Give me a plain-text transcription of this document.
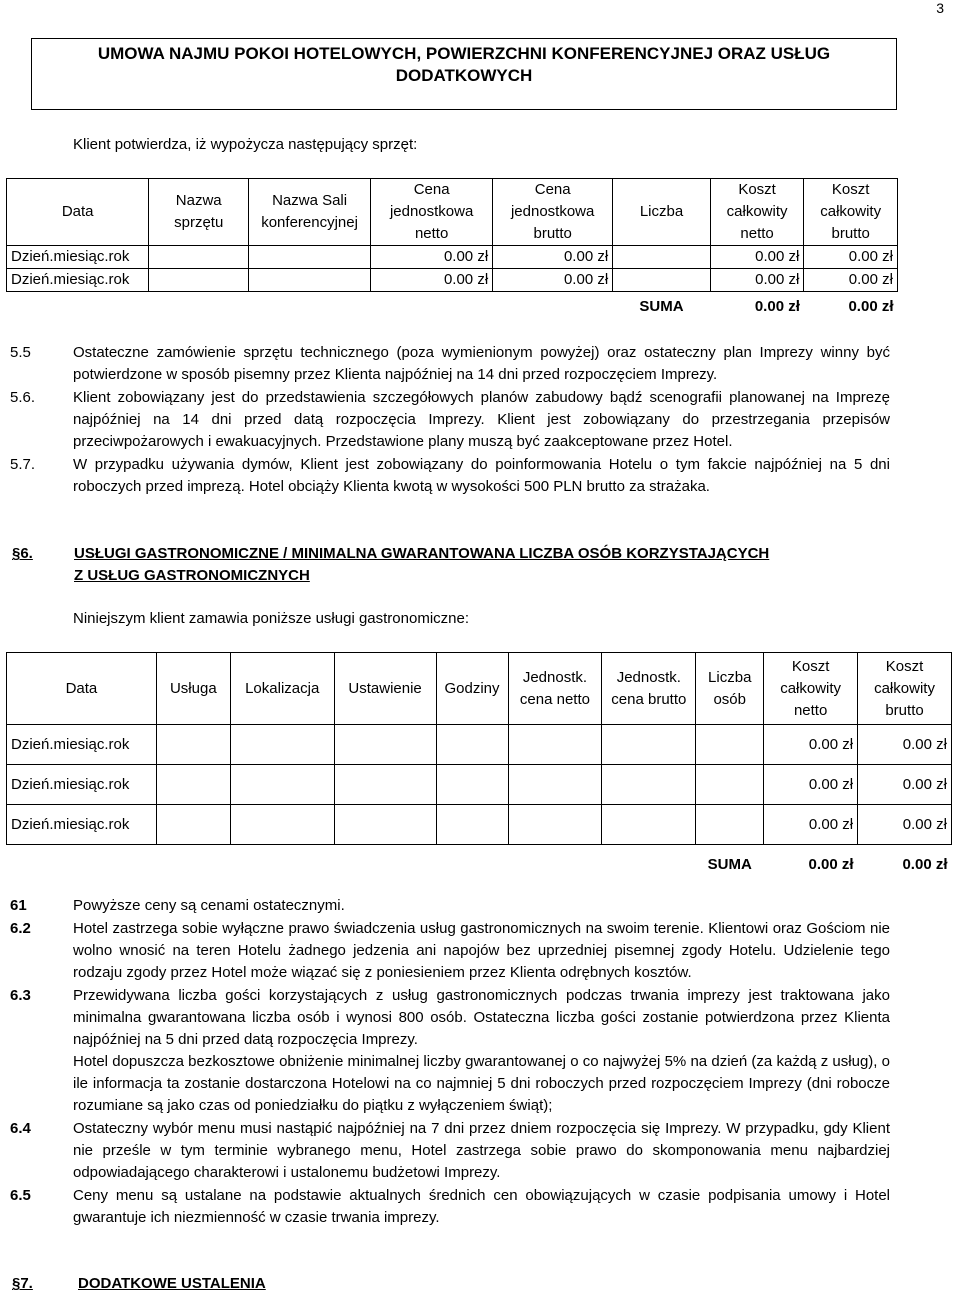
3
UMOWA NAJMU POKOI HOTELOWYCH, POWIERZCHNI KONFERENCYJNEJ ORAZ USŁUG DODATKOWYCH
Klient potwierdza, iż wypożycza następujący sprzęt:
Data	Nazwa sprzętu	Nazwa Sali konferencyjnej	Cena jednostkowa netto	Cena jednostkowa brutto	Liczba	Koszt całkowity netto	Koszt całkowity brutto
Dzień.miesiąc.rok			0.00 zł	0.00 zł		0.00 zł	0.00 zł
Dzień.miesiąc.rok			0.00 zł	0.00 zł		0.00 zł	0.00 zł
					SUMA	0.00 zł	0.00 zł
5.5	Ostateczne zamówienie sprzętu technicznego (poza wymienionym powyżej) oraz ostateczny plan Imprezy winny być potwierdzone w sposób pisemny przez Klienta najpóźniej na 14 dni przed rozpoczęciem Imprezy.
5.6.	Klient zobowiązany jest do przedstawienia szczegółowych planów zabudowy bądź scenografii planowanej na Imprezę najpóźniej na 14 dni przed datą rozpoczęcia Imprezy. Klient jest zobowiązany do przestrzegania przepisów przeciwpożarowych i ewakuacyjnych. Przedstawione plany muszą być zaakceptowane przez Hotel.
5.7.	W przypadku używania dymów, Klient jest zobowiązany do poinformowania Hotelu o tym fakcie najpóźniej na 5 dni roboczych przed imprezą. Hotel obciąży Klienta kwotą w wysokości 500 PLN brutto za strażaka.
§6.	USŁUGI GASTRONOMICZNE / MINIMALNA GWARANTOWANA LICZBA OSÓB KORZYSTAJĄCYCH
Z USŁUG GASTRONOMICZNYCH
Niniejszym klient zamawia poniższe usługi gastronomiczne:
Data	Usługa	Lokalizacja	Ustawienie	Godziny	Jednostk. cena netto	Jednostk. cena brutto	Liczba osób	Koszt całkowity netto	Koszt całkowity brutto
Dzień.miesiąc.rok								0.00 zł	0.00 zł
Dzień.miesiąc.rok								0.00 zł	0.00 zł
Dzień.miesiąc.rok								0.00 zł	0.00 zł
							SUMA	0.00 zł	0.00 zł
61	Powyższe ceny są cenami ostatecznymi.
6.2	Hotel zastrzega sobie wyłączne prawo świadczenia usług gastronomicznych na swoim terenie. Klientowi oraz Gościom nie wolno wnosić na teren Hotelu żadnego jedzenia ani napojów bez uprzedniej pisemnej zgody Hotelu. Udzielenie tego rodzaju zgody przez Hotel może wiązać się z poniesieniem przez Klienta odrębnych kosztów.
6.3	Przewidywana liczba gości korzystających z usług gastronomicznych podczas trwania imprezy jest traktowana jako minimalna gwarantowana liczba osób i wynosi 800 osób. Ostateczna liczba gości zostanie potwierdzona przez Klienta najpóźniej na 5 dni przed datą rozpoczęcia Imprezy.
Hotel dopuszcza bezkosztowe obniżenie minimalnej liczby gwarantowanej o co najwyżej 5% na dzień (za każdą z usług), o ile informacja ta zostanie dostarczona Hotelowi na co najmniej 5 dni roboczych przed rozpoczęciem Imprezy (dni robocze rozumiane są jako czas od poniedziałku do piątku z wyłączeniem świąt);
6.4	Ostateczny wybór menu musi nastąpić najpóźniej na 7 dni przez dniem rozpoczęcia się Imprezy. W przypadku, gdy Klient nie prześle w tym terminie wybranego menu, Hotel zastrzega sobie prawo do skomponowania menu najbardziej odpowiadającego charakterowi i ustalonemu budżetowi Imprezy.
6.5	Ceny menu są ustalane na podstawie aktualnych średnich cen obowiązujących w czasie podpisania umowy i Hotel gwarantuje ich niezmienność w czasie trwania imprezy.
§7.	DODATKOWE USTALENIA
